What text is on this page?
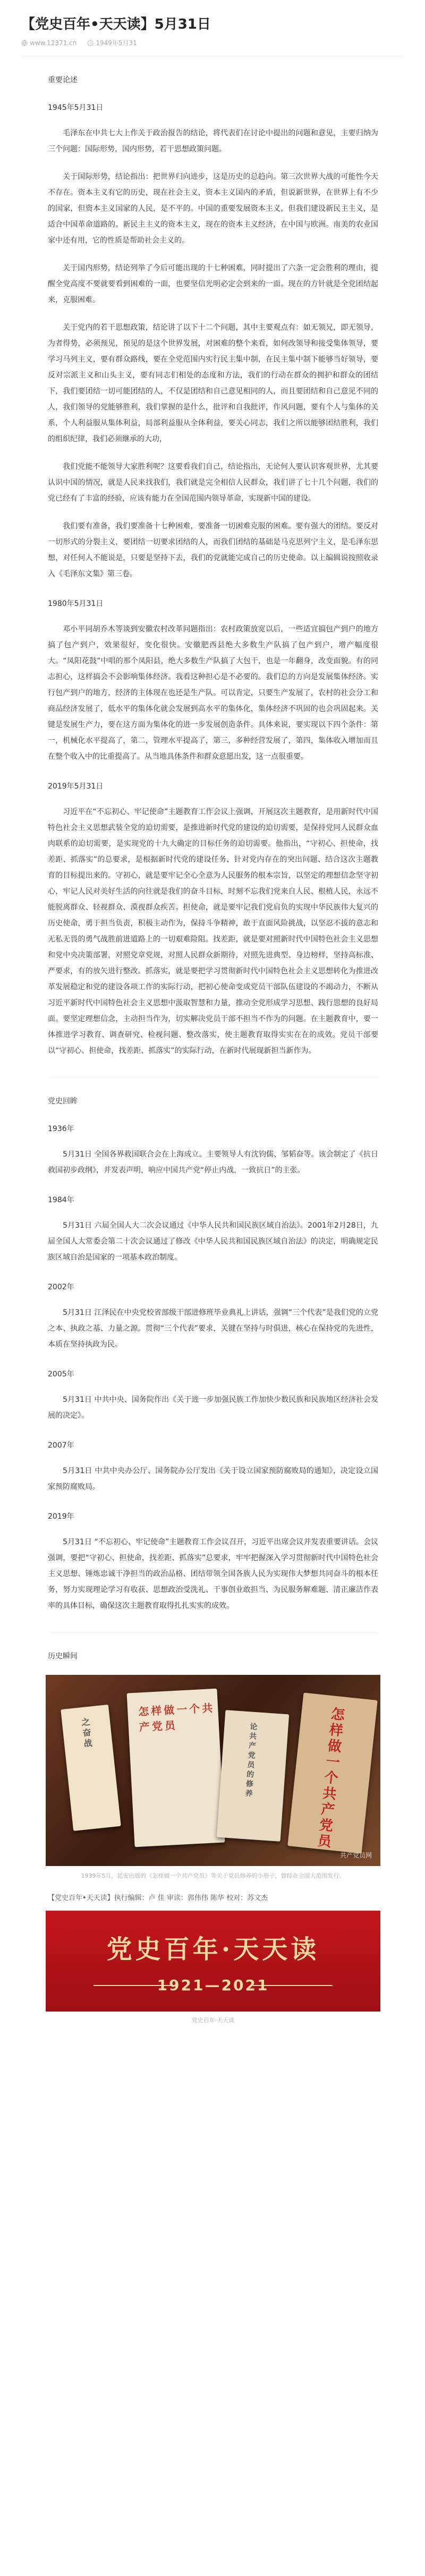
【党史百年•天天读】5月31日
www.12371.cn	1949年5月31
重要论述
1945年5月31日

毛泽东在中共七大上作关于政治报告的结论，将代表们在讨论中提出的问题和意见，主要归纳为三个问题：国际形势，国内形势，若干思想政策问题。

关于国际形势，结论指出：把世界归向进步，这是历史的总趋向。第三次世界大战的可能性今天不存在。资本主义有它的历史，现在社会主义，资本主义国内的矛盾，但说新世界，在世界上有不少的国家，但资本主义国家的人民，是不平的。中国的重要发展资本主义，但我们建设新民主主义，是适合中国革命道路的。新民主主义的资本主义，现在的资本主义经济，在中国与欧洲。南美的农业国家中还有用，它的性质是帮助社会主义的。

关于国内形势，结论列举了今后可能出现的十七种困难，同时提出了六条一定会胜利的理由，提醒全党高度不要就要看到困难的一面，也要坚信光明必定会到来的一面。现在的方针就是全党团结起来，克服困难。

关于党内的若干思想政策，结论讲了以下十二个问题，其中主要观点有：如无领兄，即无领导，为者得势，必须预见，预见的是这个世界发展，对困难的整个来看，如何改领导和接受集体领导，要学习马列主义，要有群众路线，要在全党范围内实行民主集中制，在民主集中制下能够当好领导，要反对宗派主义和山头主义，要有同志们相处的态度和方法，我们的行动在群众的拥护和群众的团结下，我们要团结一切可能团结的人，不仅是团结和自己意见相同的人，而且要团结和自己意见不同的人，我们领导的党能够胜利，我们掌握的是什么，批评和自我批评，作风问题，要有个人与集体的关系，个人利益服从集体利益，局部利益服从全体利益，要关心同志，我们之所以能够团结胜利，我们的组织纪律，我们必须继承的大功，

我们党能不能领导大家胜利呢？这要看我们自己，结论指出，无论何人要认识客观世界，尤其要认识中国的情况，就是人民来找我们，我们就是完全相信人民群众，我们讲了七十几个问题，我们的党已经有了丰富的经验，应该有能力在全国范围内领导革命，实现新中国的建设。

我们要有准备，我们要准备十七种困难，要准备一切困难克服的困难。要有强大的团结。要反对一切形式的分裂主义，要团结一切要求团结的人，而我们团结的基础是马克思列宁主义，是毛泽东思想，对任何人不能说是，只要是坚持下去，我们的党就能完成自己的历史使命。以上编辑说按照收录入《毛泽东文集》第三卷。

1980年5月31日

邓小平同胡乔木等谈到安徽农村改革问题指出：农村政策放宽以后，一些适宜搞包产到户的地方搞了包产到户，效果很好，变化很快。安徽肥西县绝大多数生产队搞了包产到户，增产幅度很大。“凤阳花鼓”中唱的那个凤阳县，绝大多数生产队搞了大包干，也是一年翻身，改变面貌。有的同志担心，这样搞会不会影响集体经济。我看这种担心是不必要的。我们总的方向是发展集体经济。实行包产到户的地方，经济的主体现在也还是生产队。可以肯定，只要生产发展了，农村的社会分工和商品经济发展了，低水平的集体化就会发展到高水平的集体化，集体经济不巩固的也会巩固起来。关键是发展生产力，要在这方面为集体化的进一步发展创造条件。具体来说，要实现以下四个条件：第一，机械化水平提高了，第二，管理水平提高了，第三，多种经营发展了，第四，集体收入增加而且在整个收入中的比重提高了。从当地具体条件和群众意愿出发，这一点很重要。

2019年5月31日

习近平在“不忘初心、牢记使命”主题教育工作会议上强调，开展这次主题教育，是用新时代中国特色社会主义思想武装全党的迫切需要，是推进新时代党的建设的迫切需要，是保持党同人民群众血肉联系的迫切需要，是实现党的十九大确定的目标任务的迫切需要。他指出，“守初心、担使命，找差距、抓落实”的总要求，是根据新时代党的建设任务、针对党内存在的突出问题、结合这次主题教育的目标提出来的。守初心，就是要牢记全心全意为人民服务的根本宗旨，以坚定的理想信念坚守初心，牢记人民对美好生活的向往就是我们的奋斗目标，时刻不忘我们党来自人民、根植人民，永远不能脱离群众、轻视群众、漠视群众疾苦。担使命，就是要牢记我们党肩负的实现中华民族伟大复兴的历史使命，勇于担当负责，积极主动作为，保持斗争精神，敢于直面风险挑战，以坚忍不拔的意志和无私无畏的勇气战胜前进道路上的一切艰难险阻。找差距，就是要对照新时代中国特色社会主义思想和党中央决策部署，对照党章党规，对照人民群众新期待，对照先进典型、身边榜样，坚持高标准、严要求，有的放矢进行整改。抓落实，就是要把学习贯彻新时代中国特色社会主义思想转化为推进改革发展稳定和党的建设各项工作的实际行动，把初心使命变成党员干部队伍建设的不竭动力，不断从习近平新时代中国特色社会主义思想中汲取智慧和力量，推动全党形成学习思想、践行思想的良好局面。要坚定理想信念，主动担当作为，切实解决党员干部不担当不作为的问题。在主题教育中，要一体推进学习教育、调查研究、检视问题、整改落实，使主题教育取得实实在在的成效。党员干部要以“守初心、担使命，找差距、抓落实”的实际行动，在新时代展现新担当新作为。

党史回眸
1936年

5月31日 全国各界救国联合会在上海成立。主要领导人有沈钧儒、邹韬奋等。该会制定了《抗日救国初步政纲》，并发表声明，响应中国共产党“停止内战，一致抗日”的主张。

1984年

5月31日 六届全国人大二次会议通过《中华人民共和国民族区域自治法》。2001年2月28日，九届全国人大常委会第二十次会议通过了修改《中华人民共和国民族区域自治法》的决定，明确规定民族区域自治是国家的一项基本政治制度。

2002年

5月31日 江泽民在中央党校省部级干部进修班毕业典礼上讲话，强调“三个代表”是我们党的立党之本、执政之基、力量之源。贯彻“三个代表”要求，关键在坚持与时俱进，核心在保持党的先进性，本质在坚持执政为民。

2005年

5月31日 中共中央、国务院作出《关于进一步加强民族工作加快少数民族和民族地区经济社会发展的决定》。

2007年

5月31日 中共中央办公厅、国务院办公厅发出《关于设立国家预防腐败局的通知》，决定设立国家预防腐败局。

2019年

5月31日 “不忘初心、牢记使命”主题教育工作会议召开，习近平出席会议并发表重要讲话。会议强调，要把“守初心、担使命，找差距、抓落实”总要求，牢牢把握深入学习贯彻新时代中国特色社会主义思想、锤炼忠诚干净担当的政治品格、团结带领全国各族人民为实现伟大梦想共同奋斗的根本任务，努力实现理论学习有收获、思想政治受洗礼、干事创业敢担当、为民服务解难题、清正廉洁作表率的具体目标，确保这次主题教育取得扎扎实实的成效。

历史瞬间
之奋战
怎样做一个共产党员	论共产党员的修养	怎样做一个共产党员
共产党员网
1939年5月，延安出版的《怎样做一个共产党员》等关于党员修养的小册子，曾经在全国大范围发行。

【党史百年•天天读】执行编辑：卢 佳 审读：郭伟伟 陈华 校对：苏文杰

党史百年·天天读
1921—2021
党史百年·天天读
